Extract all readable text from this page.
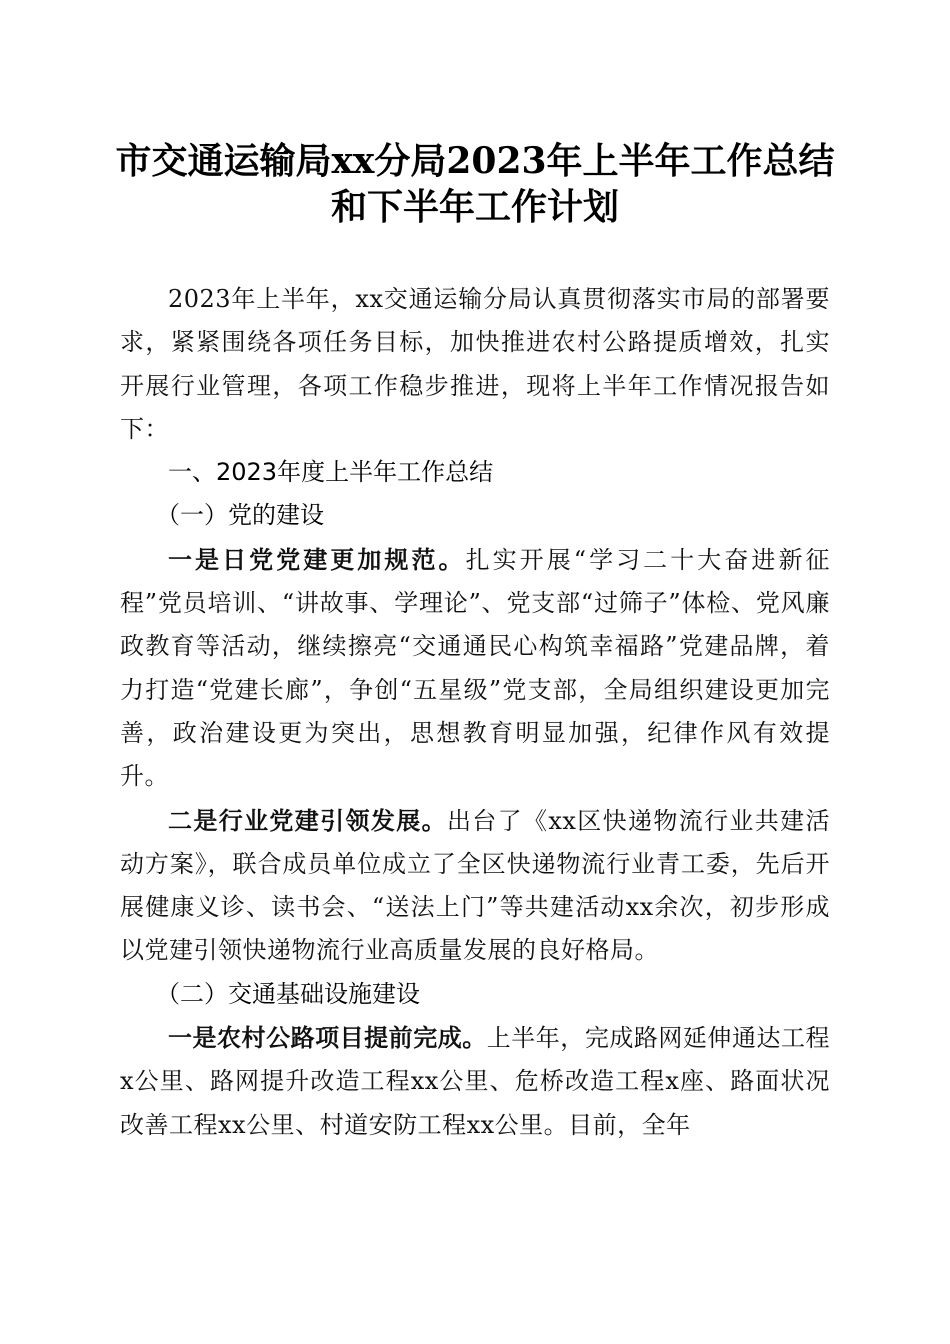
市交通运输局xx分局2023年上半年工作总结
和下半年工作计划

2023年上半年，xx交通运输分局认真贯彻落实市局的部署要求，紧紧围绕各项任务目标，加快推进农村公路提质增效，扎实开展行业管理，各项工作稳步推进，现将上半年工作情况报告如下：

一、2023年度上半年工作总结

（一）党的建设

一是日党党建更加规范。扎实开展“学习二十大奋进新征程”党员培训、“讲故事、学理论”、党支部“过筛子”体检、党风廉政教育等活动，继续擦亮“交通通民心构筑幸福路”党建品牌，着力打造“党建长廊”，争创“五星级”党支部，全局组织建设更加完善，政治建设更为突出，思想教育明显加强，纪律作风有效提升。

二是行业党建引领发展。出台了《xx区快递物流行业共建活动方案》，联合成员单位成立了全区快递物流行业青工委，先后开展健康义诊、读书会、“送法上门”等共建活动xx余次，初步形成以党建引领快递物流行业高质量发展的良好格局。

（二）交通基础设施建设

一是农村公路项目提前完成。上半年，完成路网延伸通达工程x公里、路网提升改造工程xx公里、危桥改造工程x座、路面状况改善工程xx公里、村道安防工程xx公里。目前，全年
